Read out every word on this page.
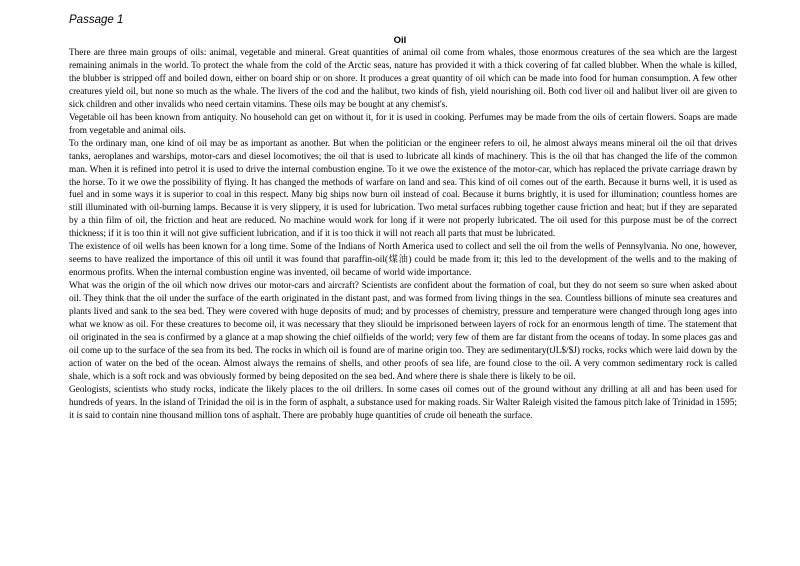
Passage 1

Oil

There are three main groups of oils: animal, vegetable and mineral. Great quantities of animal oil come from whales, those enormous creatures of the sea which are the largest remaining animals in the world. To protect the whale from the cold of the Arctic seas, nature has provided it with a thick covering of fat called blubber. When the whale is killed, the blubber is stripped off and boiled down, either on board ship or on shore. It produces a great quantity of oil which can be made into food for human consumption. A few other creatures yield oil, but none so much as the whale. The livers of the cod and the halibut, two kinds of fish, yield nourishing oil. Both cod liver oil and halibut liver oil are given to sick children and other invalids who need certain vitamins. These oils may be bought at any chemist's.

Vegetable oil has been known from antiquity. No household can get on without it, for it is used in cooking. Perfumes may be made from the oils of certain flowers. Soaps are made from vegetable and animal oils.

To the ordinary man, one kind of oil may be as important as another. But when the politician or the engineer refers to oil, he almost always means mineral oil the oil that drives tanks, aeroplanes and warships, motor-cars and diesel locomotives; the oil that is used to lubricate all kinds of machinery. This is the oil that has changed the life of the common man. When it is refined into petrol it is used to drive the internal combustion engine. To it we owe the existence of the motor-car, which has replaced the private carriage drawn by the horse. To it we owe the possibility of flying. It has changed the methods of warfare on land and sea. This kind of oil comes out of the earth. Because it burns well, it is used as fuel and in some ways it is superior to coal in this respect. Many big ships now burn oil instead of coal. Because it burns brightly, it is used for illumination; countless homes are still illuminated with oil-burning lamps. Because it is very slippery, it is used for lubrication. Two metal surfaces rubbing together cause friction and heat; but if they are separated by a thin film of oil, the friction and heat are reduced. No machine would work for long if it were not properly lubricated. The oil used for this purpose must be of the correct thickness; if it is too thin it will not give sufficient lubrication, and if it is too thick it will not reach all parts that must be lubricated.

The existence of oil wells has been known for a long time. Some of the Indians of North America used to collect and sell the oil from the wells of Pennsylvania. No one, however, seems to have realized the importance of this oil until it was found that paraffin-oil(煤油) could be made from it; this led to the development of the wells and to the making of enormous profits. When the internal combustion engine was invented, oil became of world wide importance.

What was the origin of the oil which now drives our motor-cars and aircraft? Scientists are confident about the formation of coal, but they do not seem so sure when asked about oil. They think that the oil under the surface of the earth originated in the distant past, and was formed from living things in the sea. Countless billions of minute sea creatures and plants lived and sank to the sea bed. They were covered with huge deposits of mud; and by processes of chemistry, pressure and temperature were changed through long ages into what we know as oil. For these creatures to become oil, it was necessary that they sliould be imprisoned between layers of rock for an enormous length of time. The statement that oil originated in the sea is confirmed by a glance at a map showing the chief oilfields of the world; very few of them are far distant from the oceans of today. In some places gas and oil come up to the surface of the sea from its bed. The rocks in which oil is found are of marine origin too. They are sedimentary(tJL$/$J) rocks, rocks which were laid down by the action of water on the bed of the ocean. Almost always the remains of shells, and other proofs of sea life, are found close to the oil. A very common sedimentary rock is called shale, which is a soft rock and was obviously formed by being deposited on the sea bed. And where there is shale there is likely to be oil.

Geologists, scientists who study rocks, indicate the likely places to the oil drillers. In some cases oil comes out of the ground without any drilling at all and has been used for hundreds of years. In the island of Trinidad the oil is in the form of asphalt, a substance used for making roads. Sir Walter Raleigh visited the famous pitch lake of Trinidad in 1595; it is said to contain nine thousand million tons of asphalt. There are probably huge quantities of crude oil beneath the surface.
